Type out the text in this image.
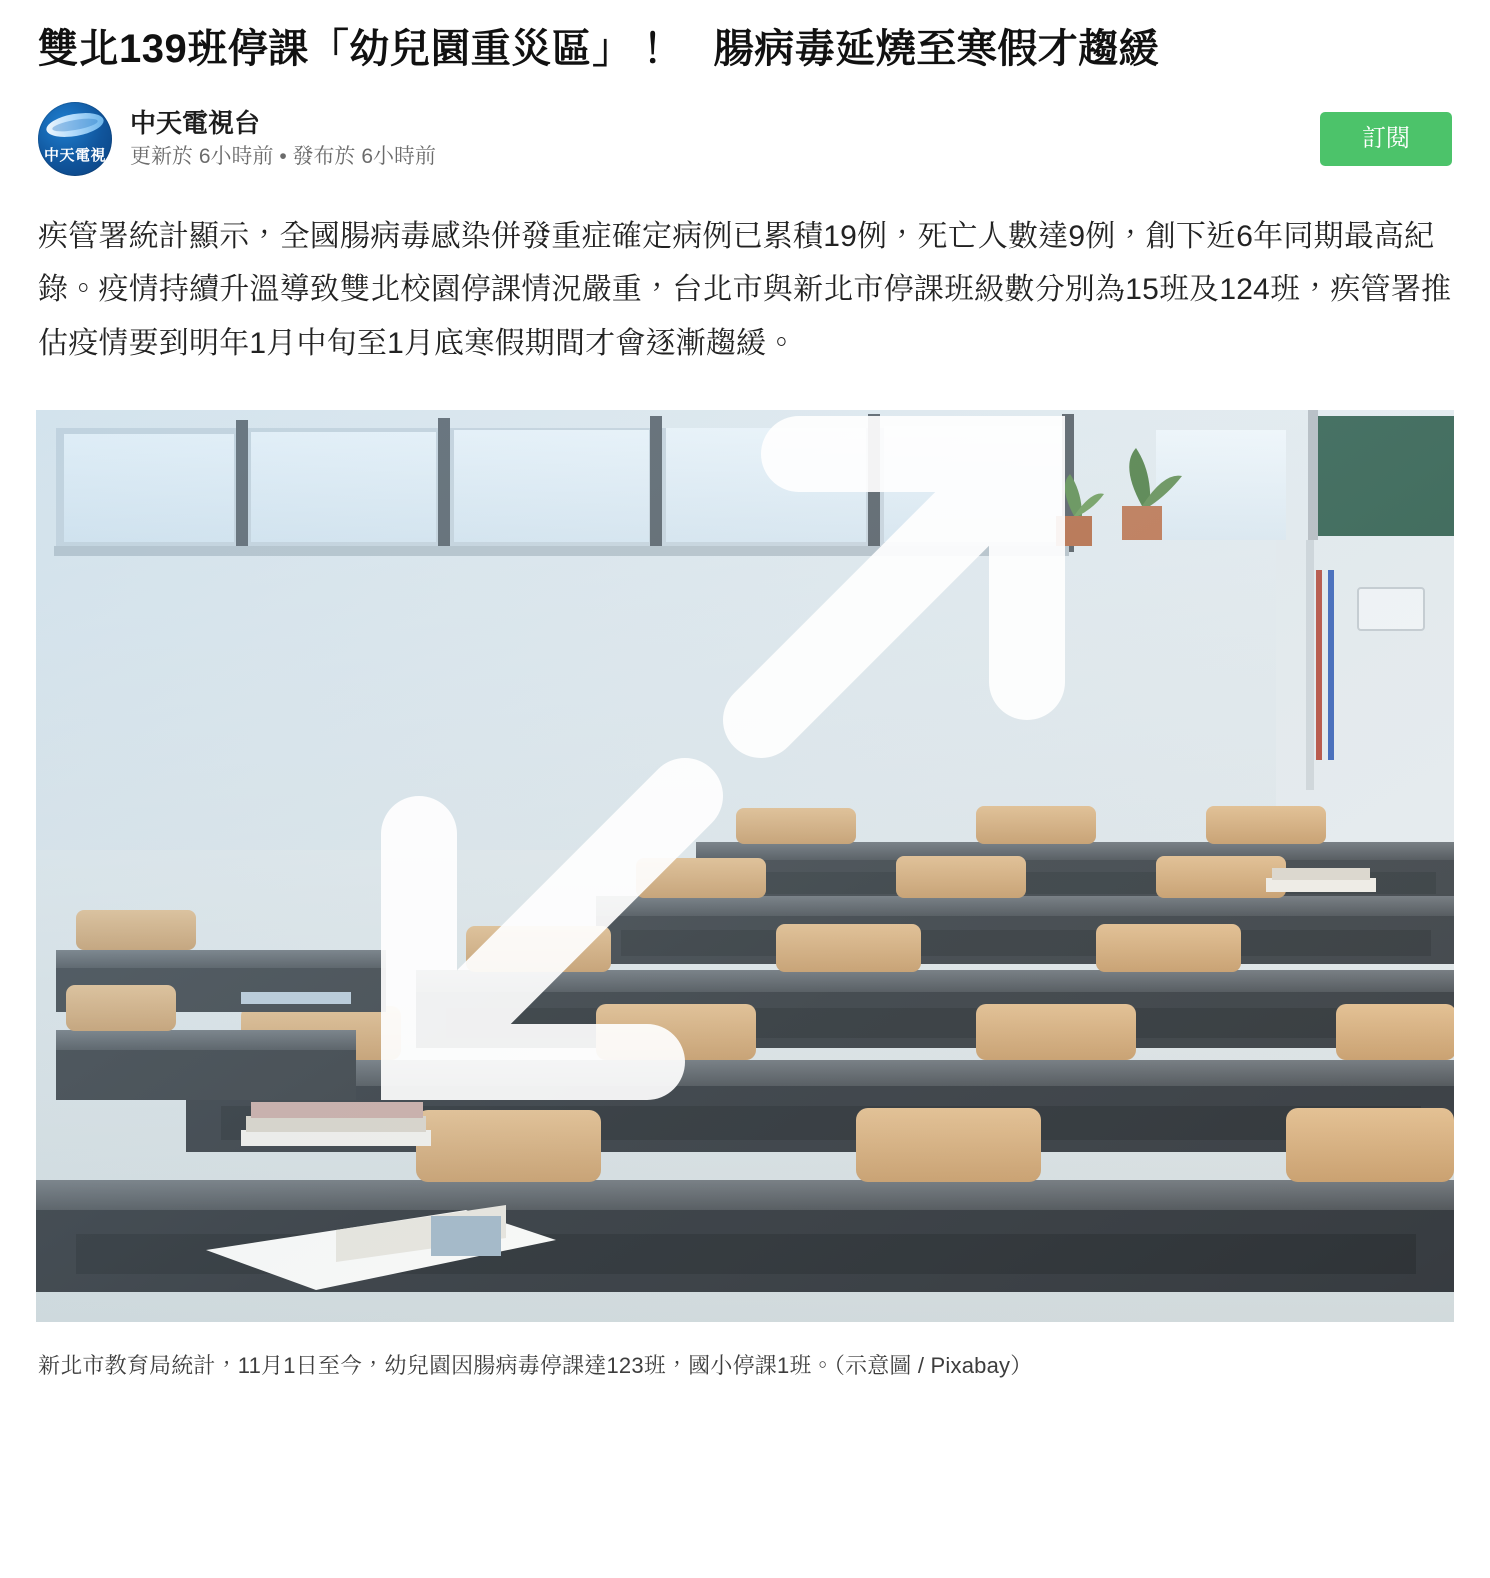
雙北139班停課「幼兒園重災區」！　腸病毒延燒至寒假才趨緩
中天電視
中天電視台
更新於 6小時前 • 發布於 6小時前
訂閱

疾管署統計顯示，全國腸病毒感染併發重症確定病例已累積19例，死亡人數達9例，創下近6年同期最高紀錄。疫情持續升溫導致雙北校園停課情況嚴重，台北市與新北市停課班級數分別為15班及124班，疾管署推估疫情要到明年1月中旬至1月底寒假期間才會逐漸趨緩。

新北市教育局統計，11月1日至今，幼兒園因腸病毒停課達123班，國小停課1班。（示意圖 / Pixabay）
